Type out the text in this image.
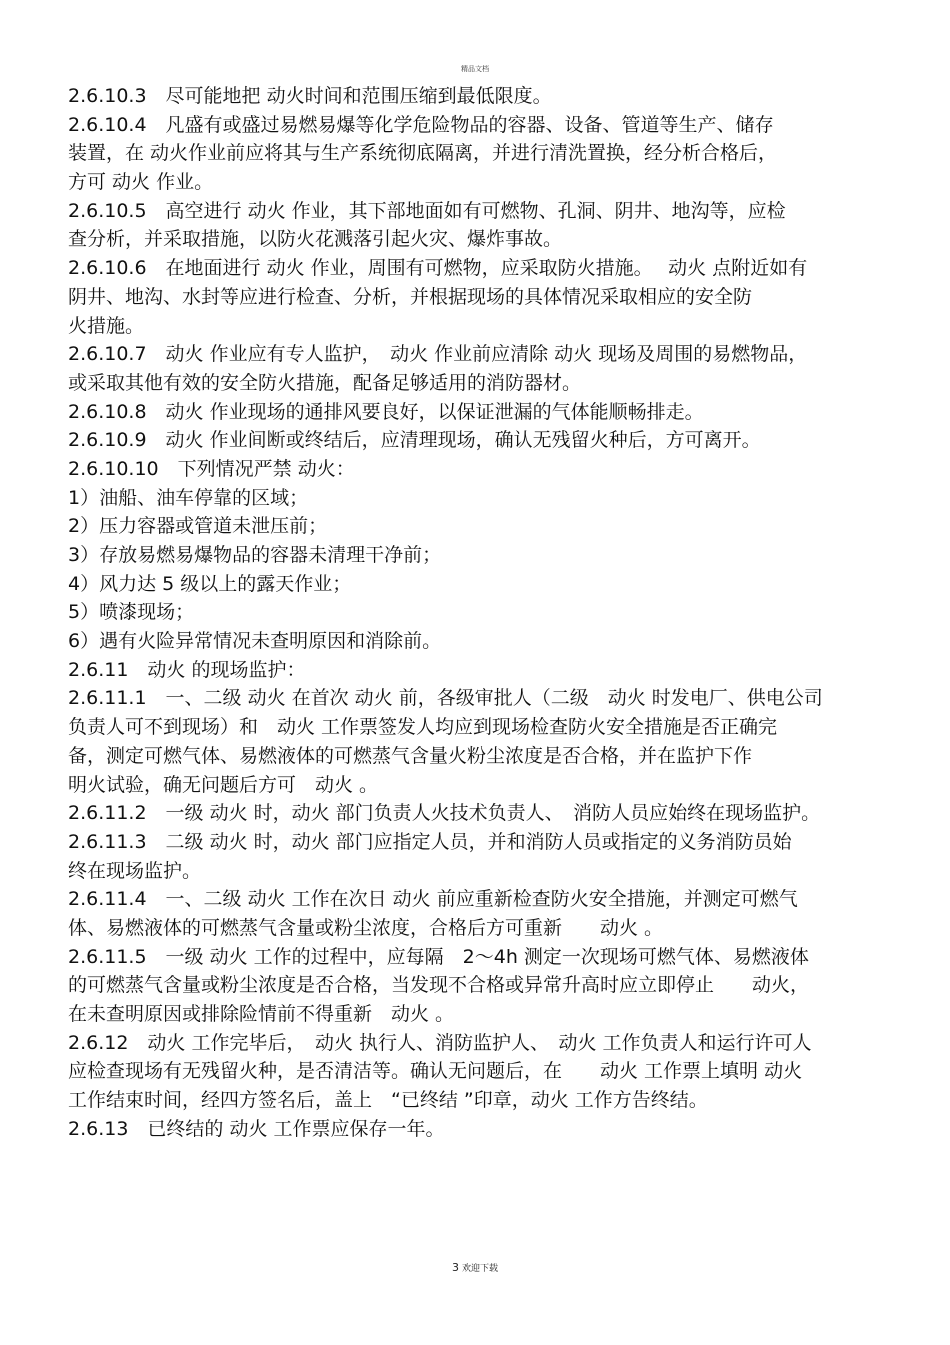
精品文档
2.6.10.3　尽可能地把 动火时间和范围压缩到最低限度。
2.6.10.4　凡盛有或盛过易燃易爆等化学危险物品的容器、设备、管道等生产、储存
装置，在 动火作业前应将其与生产系统彻底隔离，并进行清洗置换，经分析合格后，
方可 动火 作业。
2.6.10.5　高空进行 动火 作业，其下部地面如有可燃物、孔洞、阴井、地沟等，应检
查分析，并采取措施，以防火花溅落引起火灾、爆炸事故。
2.6.10.6　在地面进行 动火 作业，周围有可燃物，应采取防火措施。　 动火 点附近如有
阴井、地沟、水封等应进行检查、分析，并根据现场的具体情况采取相应的安全防
火措施。
2.6.10.7　动火 作业应有专人监护，　动火 作业前应清除 动火 现场及周围的易燃物品，
或采取其他有效的安全防火措施，配备足够适用的消防器材。
2.6.10.8　动火 作业现场的通排风要良好，以保证泄漏的气体能顺畅排走。
2.6.10.9　动火 作业间断或终结后，应清理现场，确认无残留火种后，方可离开。
2.6.10.10　下列情况严禁 动火：
1）油船、油车停靠的区域；
2）压力容器或管道未泄压前；
3）存放易燃易爆物品的容器未清理干净前；
4）风力达 5 级以上的露天作业；
5）喷漆现场；
6）遇有火险异常情况未查明原因和消除前。
2.6.11　动火 的现场监护：
2.6.11.1　一、二级 动火 在首次 动火 前，各级审批人（二级　动火 时发电厂、供电公司
负责人可不到现场）和　动火 工作票签发人均应到现场检查防火安全措施是否正确完
备，测定可燃气体、易燃液体的可燃蒸气含量火粉尘浓度是否合格，并在监护下作
明火试验，确无问题后方可　动火 。
2.6.11.2　一级 动火 时，动火 部门负责人火技术负责人、　消防人员应始终在现场监护。
2.6.11.3　二级 动火 时，动火 部门应指定人员，并和消防人员或指定的义务消防员始
终在现场监护。
2.6.11.4　一、二级 动火 工作在次日 动火 前应重新检查防火安全措施，并测定可燃气
体、易燃液体的可燃蒸气含量或粉尘浓度，合格后方可重新　　动火 。
2.6.11.5　一级 动火 工作的过程中，应每隔　2～4h 测定一次现场可燃气体、易燃液体
的可燃蒸气含量或粉尘浓度是否合格，当发现不合格或异常升高时应立即停止　　动火，
在未查明原因或排除险情前不得重新　动火 。
2.6.12　动火 工作完毕后，　动火 执行人、消防监护人、　动火 工作负责人和运行许可人
应检查现场有无残留火种，是否清洁等。确认无问题后，在　　动火 工作票上填明 动火
工作结束时间，经四方签名后，盖上　“已终结 ”印章，动火 工作方告终结。
2.6.13　已终结的 动火 工作票应保存一年。
3 欢迎下载
